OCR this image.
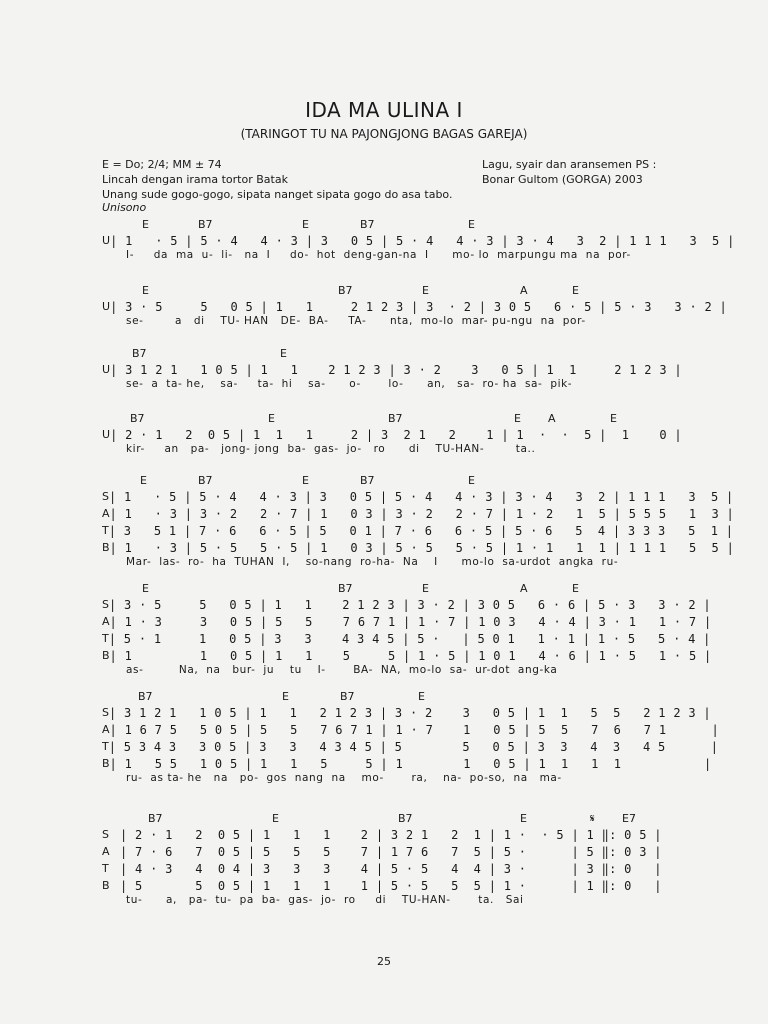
IDA MA ULINA I
(TARINGOT TU NA PAJONGJONG BAGAS GAREJA)
E = Do; 2/4; MM ± 74
Lincah dengan irama tortor Batak
Unang sude gogo-gogo, sipata nanget sipata gogo do asa tabo.
Lagu, syair dan aransemen PS :
Bonar Gultom (GORGA) 2003
Unisono
E	B7	E	B7	E
U | 1   · 5 | 5 · 4   4 · 3 | 3   0 5 | 5 · 4   4 · 3 | 3 · 4   3  2 | 1 1 1   3  5 |
I-     da  ma  u-  li-   na  I     do-  hot  deng-gan-na  I      mo- lo  marpungu ma  na  por-
E	B7	E	A	E
U | 3 · 5     5   0 5 | 1   1     2 1 2 3 | 3  · 2 | 3 0 5   6 · 5 | 5 · 3   3 · 2 |
se-        a   di    TU- HAN   DE-  BA-     TA-      nta,  mo-lo  mar- pu-ngu  na  por-
B7	E
U | 3 1 2 1   1 0 5 | 1   1    2 1 2 3 | 3 · 2    3   0 5 | 1  1     2 1 2 3 |
se-  a  ta- he,    sa-     ta-  hi    sa-      o-       lo-      an,   sa-  ro- ha  sa-  pik-
B7	E	B7	E A	E
U | 2 · 1   2  0 5 | 1  1   1     2 | 3  2 1   2    1 | 1  ·  ·  5 |  1    0 |
kir-     an   pa-   jong- jong  ba-  gas-  jo-   ro      di    TU-HAN-        ta..
E	B7	E	B7	E
S | 1   · 5 | 5 · 4   4 · 3 | 3   0 5 | 5 · 4   4 · 3 | 3 · 4   3  2 | 1 1 1   3  5 |
A | 1   · 3 | 3 · 2   2 · 7 | 1   0 3 | 3 · 2   2 · 7 | 1 · 2   1  5 | 5 5 5   1  3 |
T | 3   5 1 | 7 · 6   6 · 5 | 5   0 1 | 7 · 6   6 · 5 | 5 · 6   5  4 | 3 3 3   5  1 |
B | 1   · 3 | 5 · 5   5 · 5 | 1   0 3 | 5 · 5   5 · 5 | 1 · 1   1  1 | 1 1 1   5  5 |
Mar-  las-  ro-  ha  TUHAN  I,    so-nang  ro-ha-  Na    I      mo-lo  sa-urdot  angka  ru-
E	B7	E	A	E
S | 3 · 5     5   0 5 | 1   1    2 1 2 3 | 3 · 2 | 3 0 5   6 · 6 | 5 · 3   3 · 2 |
A | 1 · 3     3   0 5 | 5   5    7 6 7 1 | 1 · 7 | 1 0 3   4 · 4 | 3 · 1   1 · 7 |
T | 5 · 1     1   0 5 | 3   3    4 3 4 5 | 5 ·   | 5 0 1   1 · 1 | 1 · 5   5 · 4 |
B | 1         1   0 5 | 1   1    5     5 | 1 · 5 | 1 0 1   4 · 6 | 1 · 5   1 · 5 |
as-         Na,  na   bur-  ju    tu    I-       BA-  NA,  mo-lo  sa-  ur-dot  ang-ka
B7	E	B7	E
S | 3 1 2 1   1 0 5 | 1   1   2 1 2 3 | 3 · 2    3   0 5 | 1  1   5  5   2 1 2 3 |
A | 1 6 7 5   5 0 5 | 5   5   7 6 7 1 | 1 · 7    1   0 5 | 5  5   7  6   7 1      |
T | 5 3 4 3   3 0 5 | 3   3   4 3 4 5 | 5        5   0 5 | 3  3   4  3   4 5      |
B | 1   5 5   1 0 5 | 1   1   5     5 | 1        1   0 5 | 1  1   1  1           |
ru-  as ta- he   na   po-  gos  nang  na    mo-       ra,    na-  po-so,  na   ma-
B7	E	B7	E	𝄋 E7
S | 2 · 1   2  0 5 | 1   1   1    2 | 3 2 1   2  1 | 1 ·  · 5 | 1 ‖: 0 5 |
A | 7 · 6   7  0 5 | 5   5   5    7 | 1 7 6   7  5 | 5 ·      | 5 ‖: 0 3 |
T | 4 · 3   4  0 4 | 3   3   3    4 | 5 · 5   4  4 | 3 ·      | 3 ‖: 0   |
B | 5       5  0 5 | 1   1   1    1 | 5 · 5   5  5 | 1 ·      | 1 ‖: 0   |
tu-      a,   pa-  tu-  pa  ba-  gas-  jo-  ro     di    TU-HAN-       ta.   Sai
25
